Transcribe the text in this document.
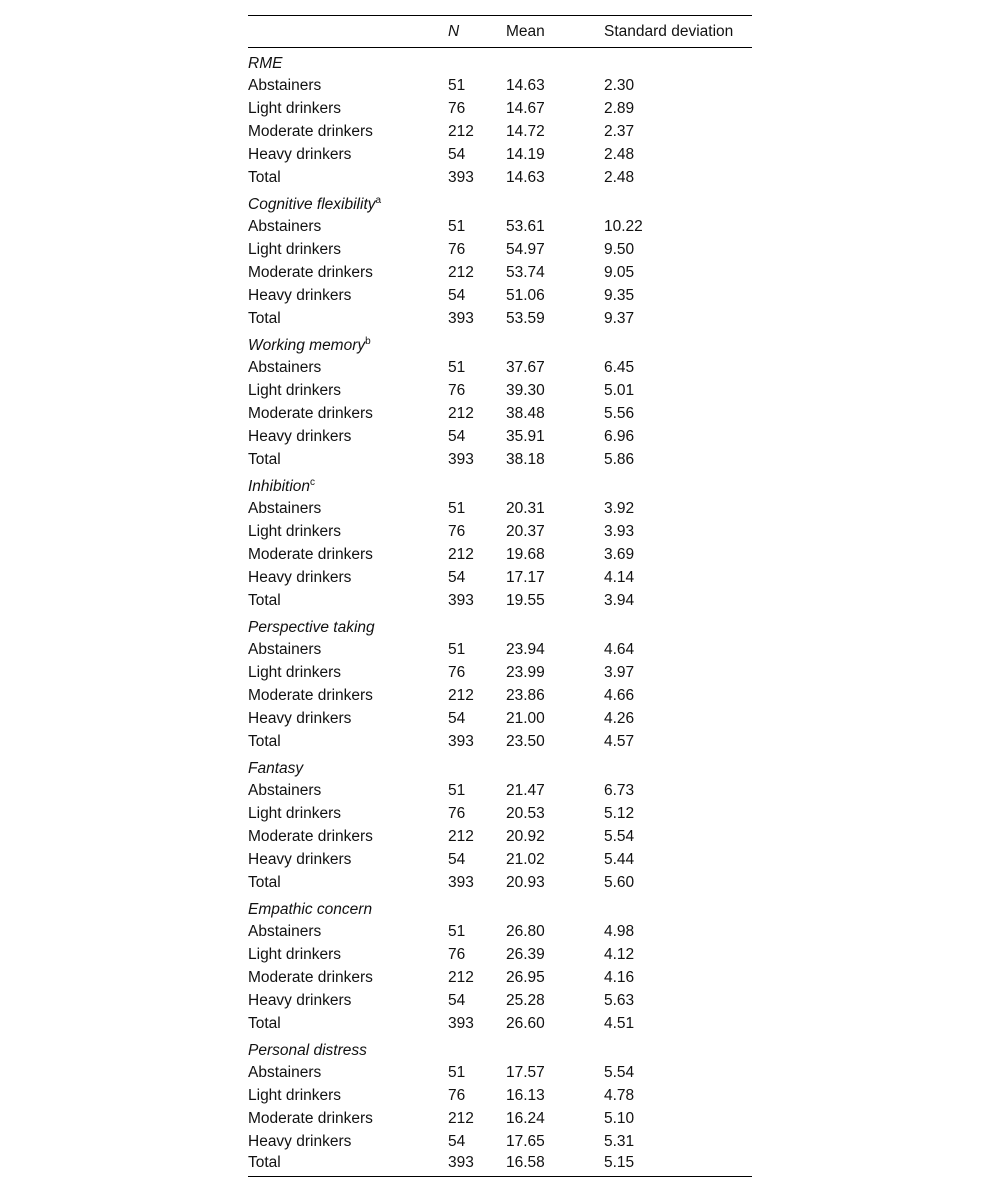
	N	Mean	Standard deviation
RME			
Abstainers	51	14.63	2.30
Light drinkers	76	14.67	2.89
Moderate drinkers	212	14.72	2.37
Heavy drinkers	54	14.19	2.48
Total	393	14.63	2.48
Cognitive flexibility$^a$
Abstainers	51	53.61	10.22
Light drinkers	76	54.97	9.50
Moderate drinkers	212	53.74	9.05
Heavy drinkers	54	51.06	9.35
Total	393	53.59	9.37
Working memory$^b$
Abstainers	51	37.67	6.45
Light drinkers	76	39.30	5.01
Moderate drinkers	212	38.48	5.56
Heavy drinkers	54	35.91	6.96
Total	393	38.18	5.86
Inhibition$^c$
Abstainers	51	20.31	3.92
Light drinkers	76	20.37	3.93
Moderate drinkers	212	19.68	3.69
Heavy drinkers	54	17.17	4.14
Total	393	19.55	3.94
Perspective taking			
Abstainers	51	23.94	4.64
Light drinkers	76	23.99	3.97
Moderate drinkers	212	23.86	4.66
Heavy drinkers	54	21.00	4.26
Total	393	23.50	4.57
Fantasy			
Abstainers	51	21.47	6.73
Light drinkers	76	20.53	5.12
Moderate drinkers	212	20.92	5.54
Heavy drinkers	54	21.02	5.44
Total	393	20.93	5.60
Empathic concern			
Abstainers	51	26.80	4.98
Light drinkers	76	26.39	4.12
Moderate drinkers	212	26.95	4.16
Heavy drinkers	54	25.28	5.63
Total	393	26.60	4.51
Personal distress			
Abstainers	51	17.57	5.54
Light drinkers	76	16.13	4.78
Moderate drinkers	212	16.24	5.10
Heavy drinkers	54	17.65	5.31
Total	393	16.58	5.15
